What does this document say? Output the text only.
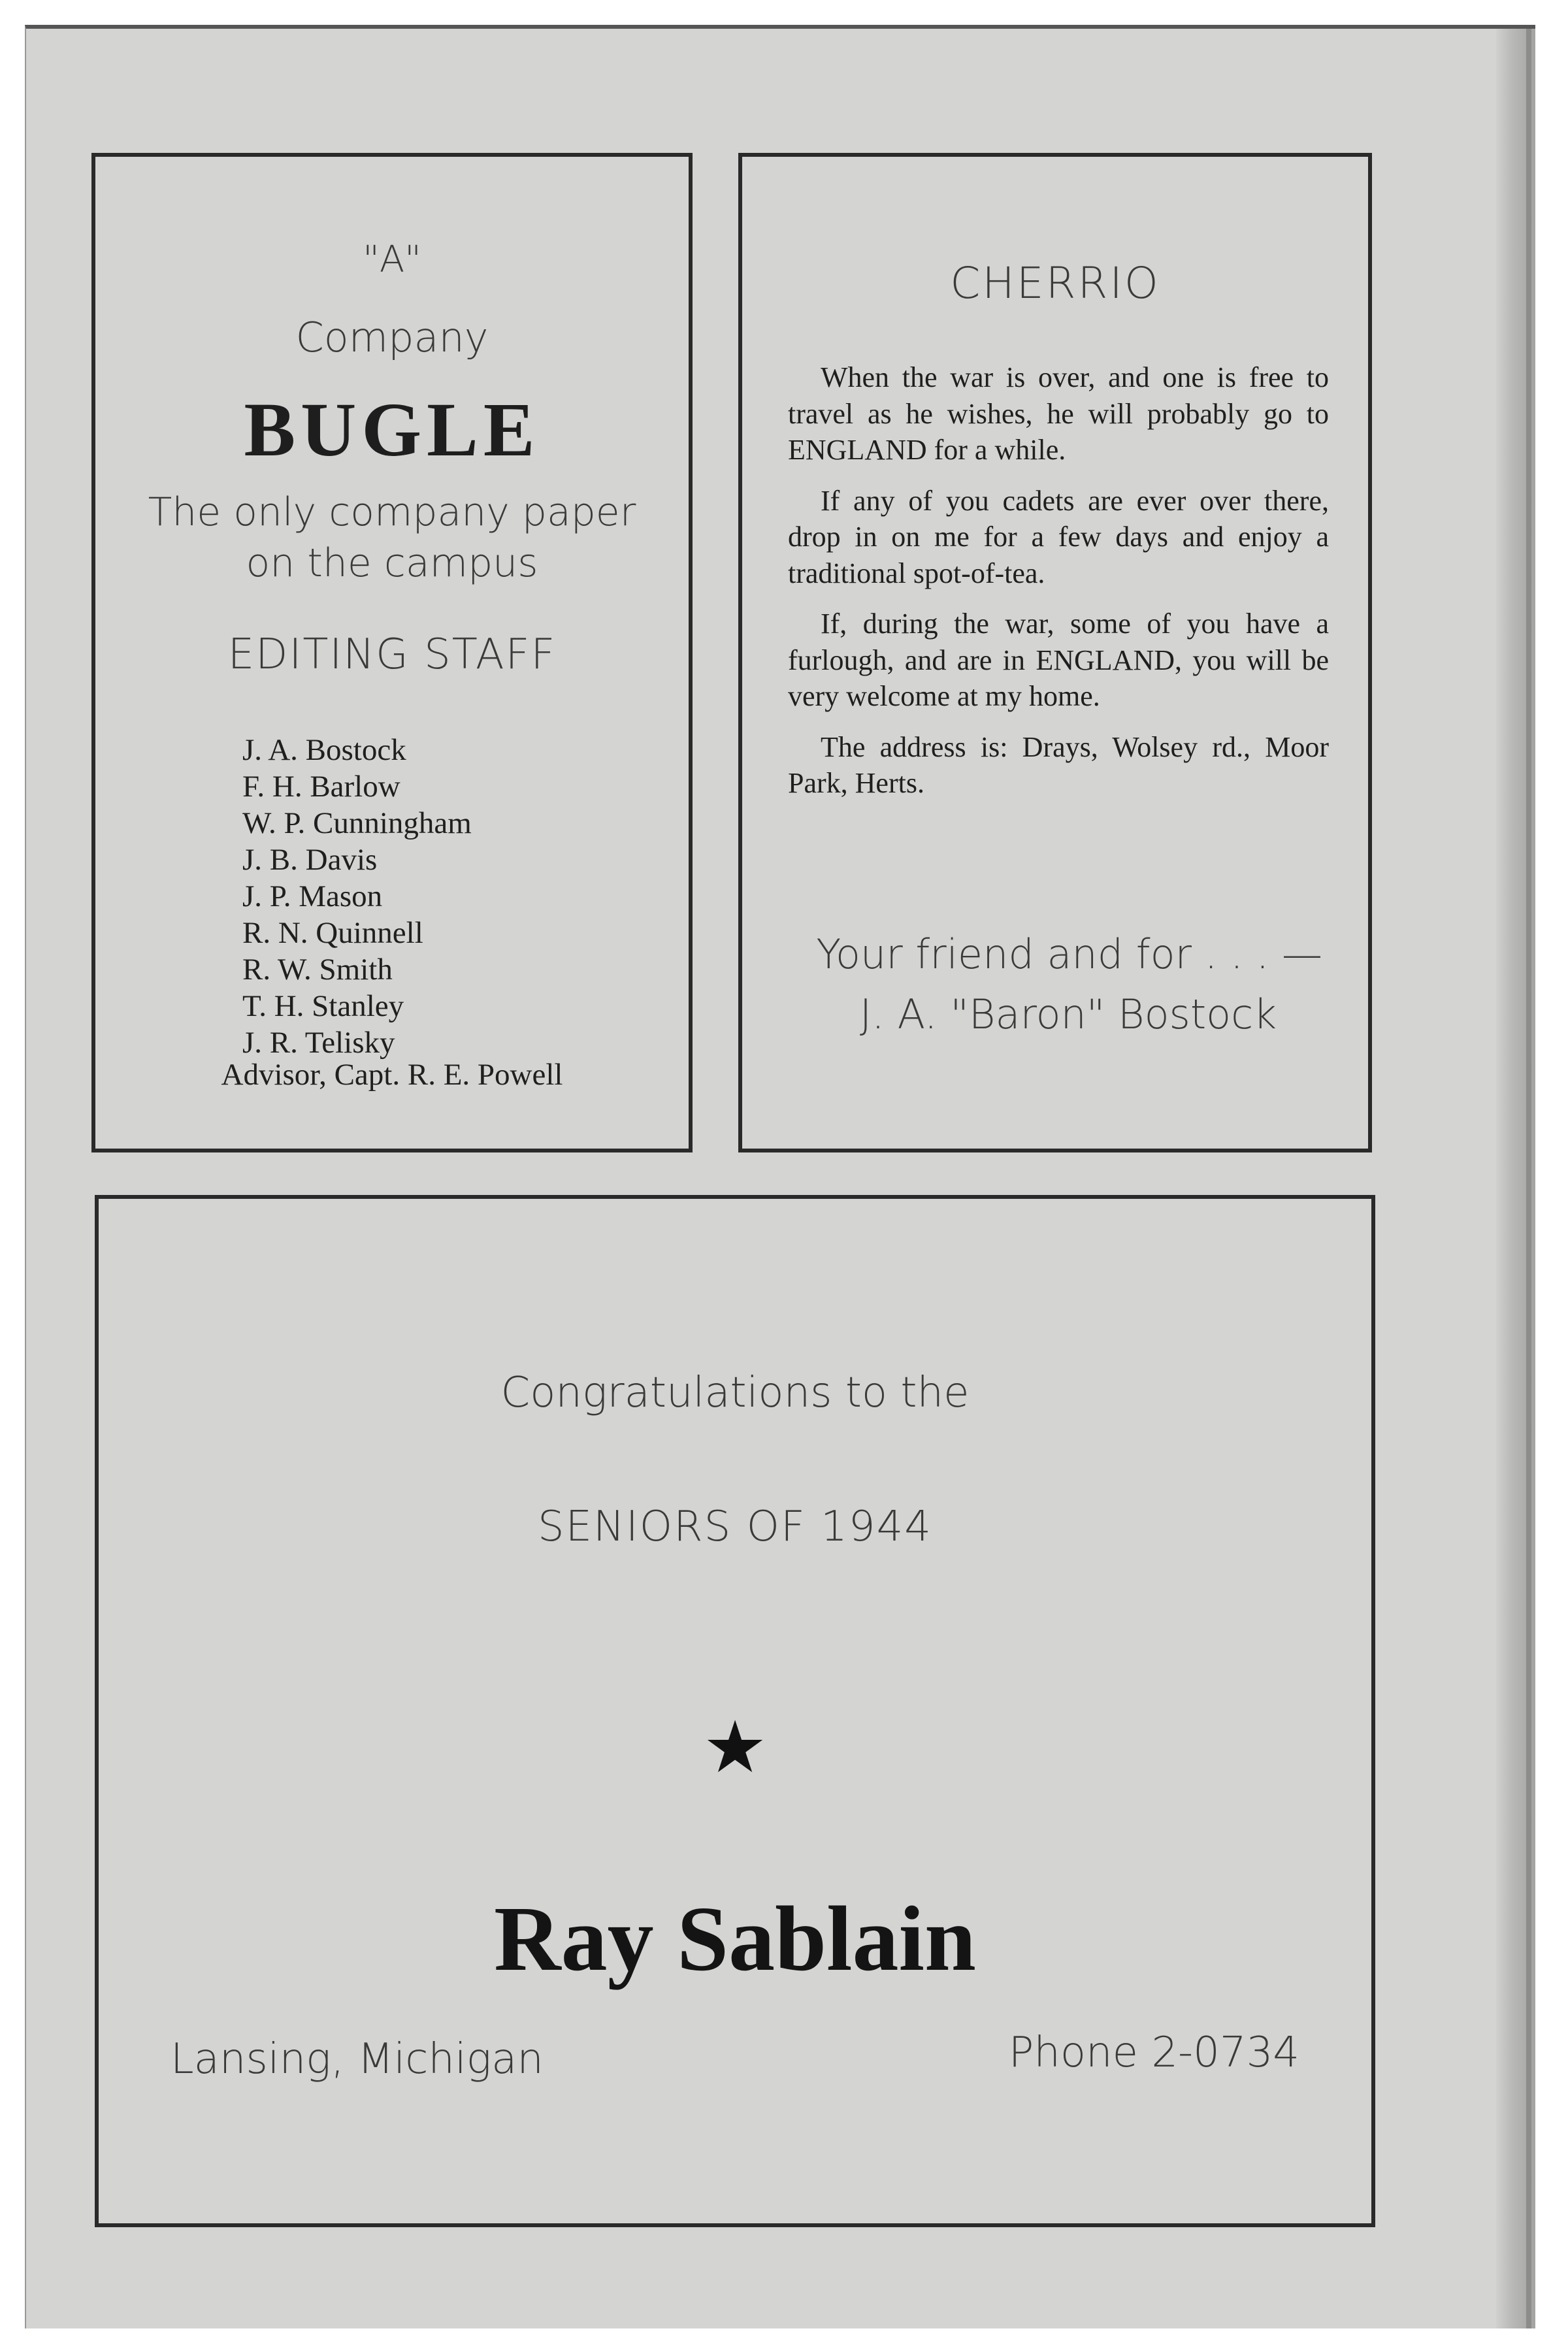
"A"
Company
BUGLE
The only company paper
on the campus
EDITING STAFF
J. A. Bostock
F. H. Barlow
W. P. Cunningham
J. B. Davis
J. P. Mason
R. N. Quinnell
R. W. Smith
T. H. Stanley
J. R. Telisky
Advisor, Capt. R. E. Powell
CHERRIO

When the war is over, and one is free to travel as he wishes, he will probably go to ENGLAND for a while.

If any of you cadets are ever over there, drop in on me for a few days and enjoy a traditional spot-of-tea.

If, during the war, some of you have a furlough, and are in ENGLAND, you will be very welcome at my home.

The address is: Drays, Wolsey rd., Moor Park, Herts.

Your friend and for . . . —
J. A. "Baron" Bostock
Congratulations to the
SENIORS OF 1944
★
Ray Sablain
Lansing, Michigan	Phone 2-0734
